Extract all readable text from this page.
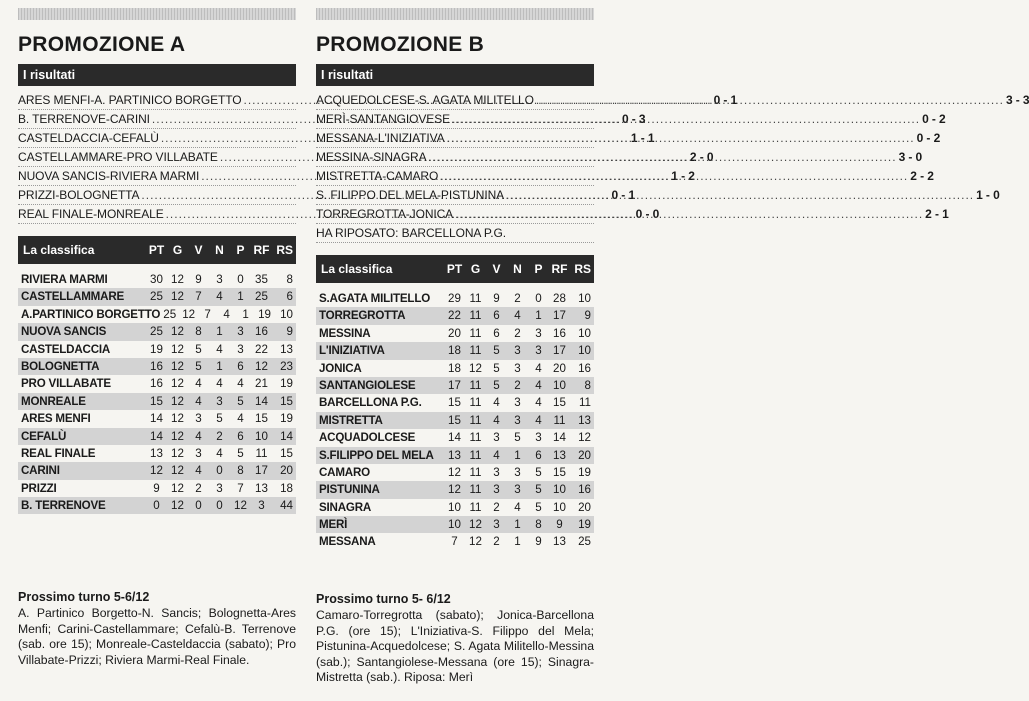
PROMOZIONE A
I risultati
ARES MENFI-A. PARTINICO BORGETTO .....	0 - 1
B. TERRENOVE-CARINI .....	0 - 3
CASTELDACCIA-CEFALÙ .....	1 - 1
CASTELLAMMARE-PRO VILLABATE .....	2 - 0
NUOVA SANCIS-RIVIERA MARMI .....	1 - 2
PRIZZI-BOLOGNETTA .....	0 - 1
REAL FINALE-MONREALE .....	0 - 0
La classifica	PT G	V	N	P RF RS
RIVIERA MARMI	30 12 9	3	0 35	8
CASTELLAMMARE	25 12 7	4	1 25	6
A.PARTINICO BORGETTO 25 12 7	4	1 19 10
NUOVA SANCIS	25 12 8	1	3 16	9
CASTELDACCIA	19 12 5	4	3 22	13
BOLOGNETTA	16 12 5	1	6 12	23
PRO VILLABATE	16 12 4	4	4 21	19
MONREALE	15 12 4	3	5 14	15
ARES MENFI	14 12 3	5	4 15	19
CEFALÙ	14 12 4	2	6 10	14
REAL FINALE	13 12 3	4	5	11	15
CARINI	12 12 4	0	8 17	20
PRIZZI	9 12 2	3	7 13	18
B. TERRENOVE	0 12 0	0 12 3	44
Prossimo turno 5-6/12
A. Partinico Borgetto-N. Sancis; Bolognetta-Ares Menfi; Carini-Castellammare; Cefalù-B. Terrenove (sab. ore 15); Monreale-Casteldaccia (sabato); Pro Villabate-Prizzi; Riviera Marmi-Real Finale.
PROMOZIONE B
I risultati
ACQUEDOLCESE-S. AGATA MILITELLO .....	3 - 3
MERÌ-SANTANGIOVESE .....	0 - 2
MESSANA-L'INIZIATIVA .....	0 - 2
MESSINA-SINAGRA .....	3 - 0
MISTRETTA-CAMARO .....	2 - 2
S. FILIPPO DEL MELA-PISTUNINA .....	1 - 0
TORREGROTTA-JONICA .....	2 - 1
HA RIPOSATO: BARCELLONA P.G.
La classifica	PT G	V	N	P RF RS
S.AGATA MILITELLO	29 11	9	2	0 28	10
TORREGROTTA	22 11	6	4	1 17	9
MESSINA	20 11	6	2	3 16	10
L'INIZIATIVA	18 11	5	3	3 17	10
JONICA	18 12 5	3	4 20	16
SANTANGIOLESE	17 11	5	2	4 10	8
BARCELLONA P.G.	15 11	4	3	4 15	11
MISTRETTA	15 11	4	3	4	11	13
ACQUADOLCESE	14 11	3	5	3 14	12
S.FILIPPO DEL MELA	13 11	4	1	6 13	20
CAMARO	12 11	3	3	5 15	19
PISTUNINA	12 11	3	3	5 10	16
SINAGRA	10 11	2	4	5 10	20
MERÌ	10 12 3	1	8	9	19
MESSANA	7 12 2	1	9 13	25
Prossimo turno 5- 6/12
Camaro-Torregrotta (sabato); Jonica-Barcellona P.G. (ore 15); L'Iniziativa-S. Filippo del Mela; Pistunina-Acquedolcese; S. Agata Militello-Messina (sab.); Santangiolese-Messana (ore 15); Sinagra-Mistretta (sab.). Riposa: Merì
